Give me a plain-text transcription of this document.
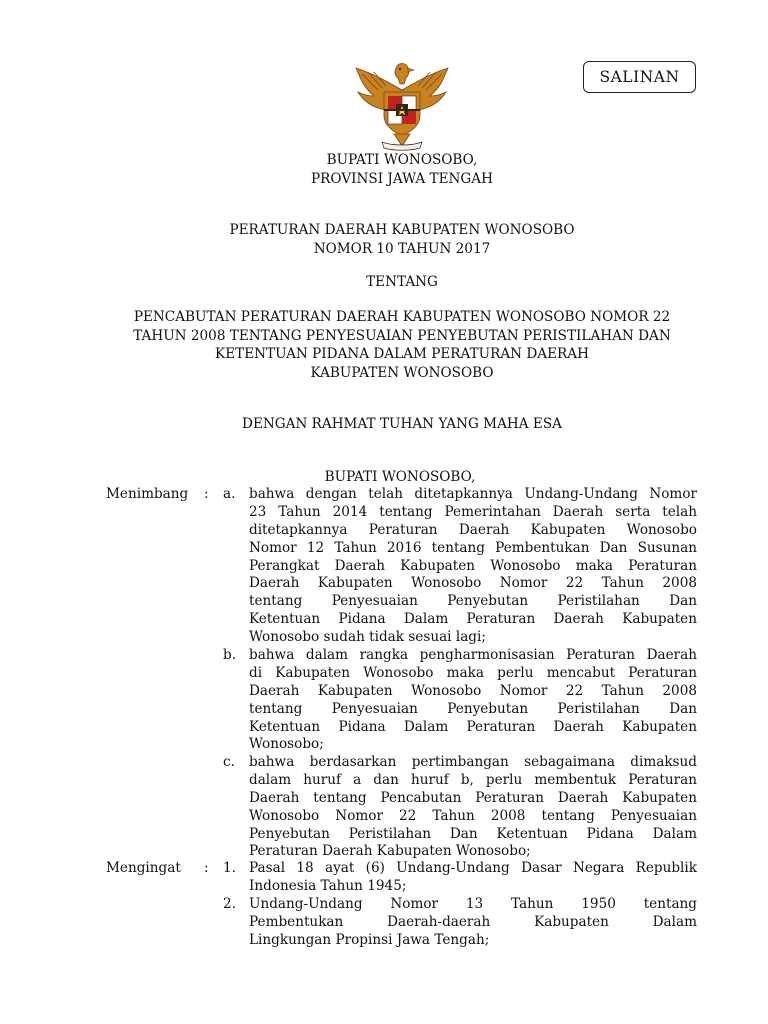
SALINAN
BUPATI WONOSOBO,
PROVINSI JAWA TENGAH
PERATURAN DAERAH KABUPATEN WONOSOBO
NOMOR 10 TAHUN 2017
TENTANG
PENCABUTAN PERATURAN DAERAH KABUPATEN WONOSOBO NOMOR 22
TAHUN 2008 TENTANG PENYESUAIAN PENYEBUTAN PERISTILAHAN DAN
KETENTUAN PIDANA DALAM PERATURAN DAERAH
KABUPATEN WONOSOBO
DENGAN RAHMAT TUHAN YANG MAHA ESA
BUPATI WONOSOBO,
Menimbang : a. bahwa dengan telah ditetapkannya Undang-Undang Nomor
23 Tahun 2014 tentang Pemerintahan Daerah serta telah
ditetapkannya Peraturan Daerah Kabupaten Wonosobo
Nomor 12 Tahun 2016 tentang Pembentukan Dan Susunan
Perangkat Daerah Kabupaten Wonosobo maka Peraturan
Daerah Kabupaten Wonosobo Nomor 22 Tahun 2008
tentang Penyesuaian Penyebutan Peristilahan Dan
Ketentuan Pidana Dalam Peraturan Daerah Kabupaten
Wonosobo sudah tidak sesuai lagi;
b. bahwa dalam rangka pengharmonisasian Peraturan Daerah
di Kabupaten Wonosobo maka perlu mencabut Peraturan
Daerah Kabupaten Wonosobo Nomor 22 Tahun 2008
tentang Penyesuaian Penyebutan Peristilahan Dan
Ketentuan Pidana Dalam Peraturan Daerah Kabupaten
Wonosobo;
c. bahwa berdasarkan pertimbangan sebagaimana dimaksud
dalam huruf a dan huruf b, perlu membentuk Peraturan
Daerah tentang Pencabutan Peraturan Daerah Kabupaten
Wonosobo Nomor 22 Tahun 2008 tentang Penyesuaian
Penyebutan Peristilahan Dan Ketentuan Pidana Dalam
Peraturan Daerah Kabupaten Wonosobo;
Mengingat : 1. Pasal 18 ayat (6) Undang-Undang Dasar Negara Republik
Indonesia Tahun 1945;
2. Undang-Undang Nomor 13 Tahun 1950 tentang
Pembentukan Daerah-daerah Kabupaten Dalam
Lingkungan Propinsi Jawa Tengah;
